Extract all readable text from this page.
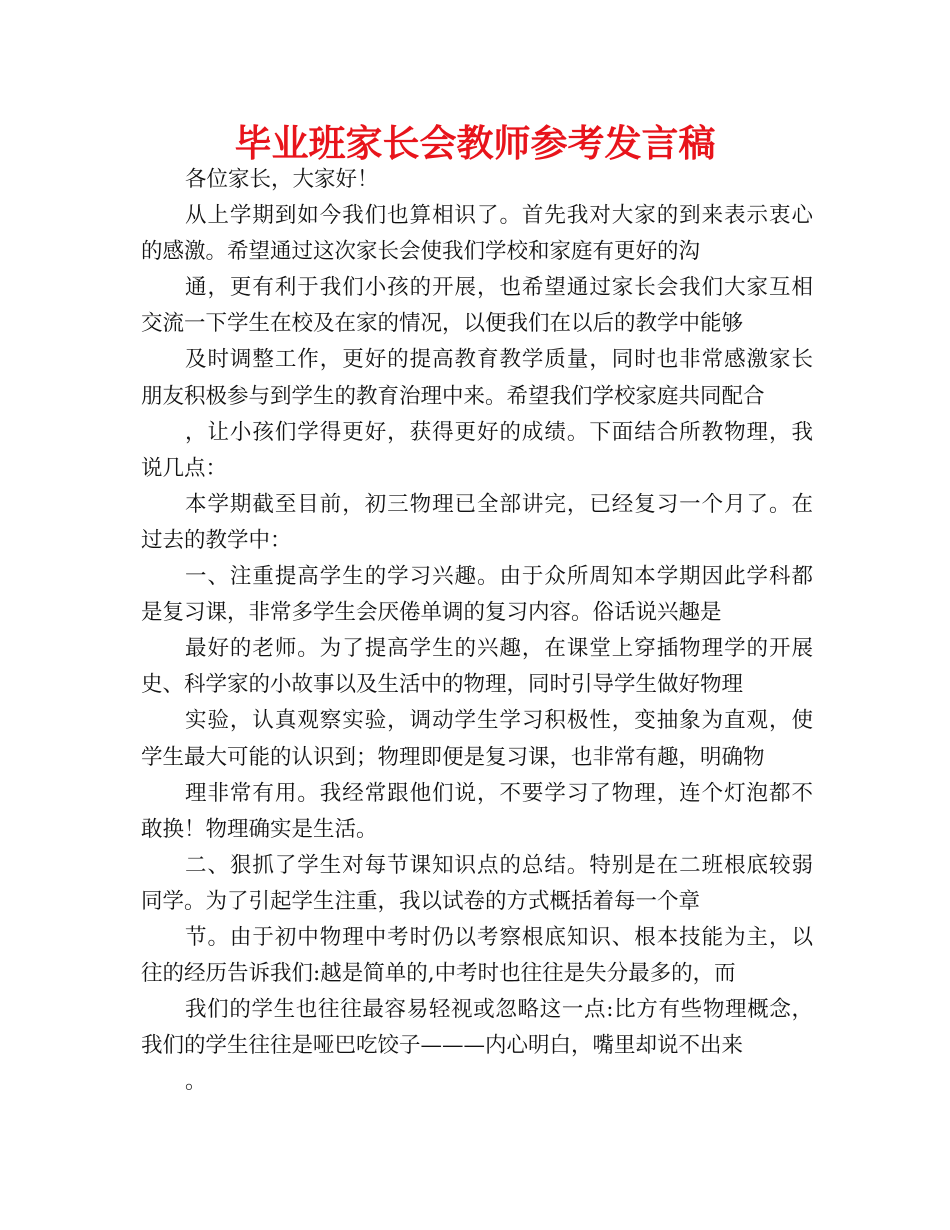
毕业班家长会教师参考发言稿
各位家长，大家好！
从上学期到如今我们也算相识了。首先我对大家的到来表示衷心
的感激。希望通过这次家长会使我们学校和家庭有更好的沟
通，更有利于我们小孩的开展，也希望通过家长会我们大家互相
交流一下学生在校及在家的情况，以便我们在以后的教学中能够
及时调整工作，更好的提高教育教学质量，同时也非常感激家长
朋友积极参与到学生的教育治理中来。希望我们学校家庭共同配合
，让小孩们学得更好，获得更好的成绩。下面结合所教物理，我
说几点：
本学期截至目前，初三物理已全部讲完，已经复习一个月了。在
过去的教学中：
一、注重提高学生的学习兴趣。由于众所周知本学期因此学科都
是复习课，非常多学生会厌倦单调的复习内容。俗话说兴趣是
最好的老师。为了提高学生的兴趣，在课堂上穿插物理学的开展
史、科学家的小故事以及生活中的物理，同时引导学生做好物理
实验，认真观察实验，调动学生学习积极性，变抽象为直观，使
学生最大可能的认识到；物理即便是复习课，也非常有趣，明确物
理非常有用。我经常跟他们说，不要学习了物理，连个灯泡都不
敢换！物理确实是生活。
二、狠抓了学生对每节课知识点的总结。特别是在二班根底较弱
同学。为了引起学生注重，我以试卷的方式概括着每一个章
节。由于初中物理中考时仍以考察根底知识、根本技能为主，以
往的经历告诉我们:越是简单的,中考时也往往是失分最多的，而
我们的学生也往往最容易轻视或忽略这一点:比方有些物理概念，
我们的学生往往是哑巴吃饺子———内心明白，嘴里却说不出来
。
